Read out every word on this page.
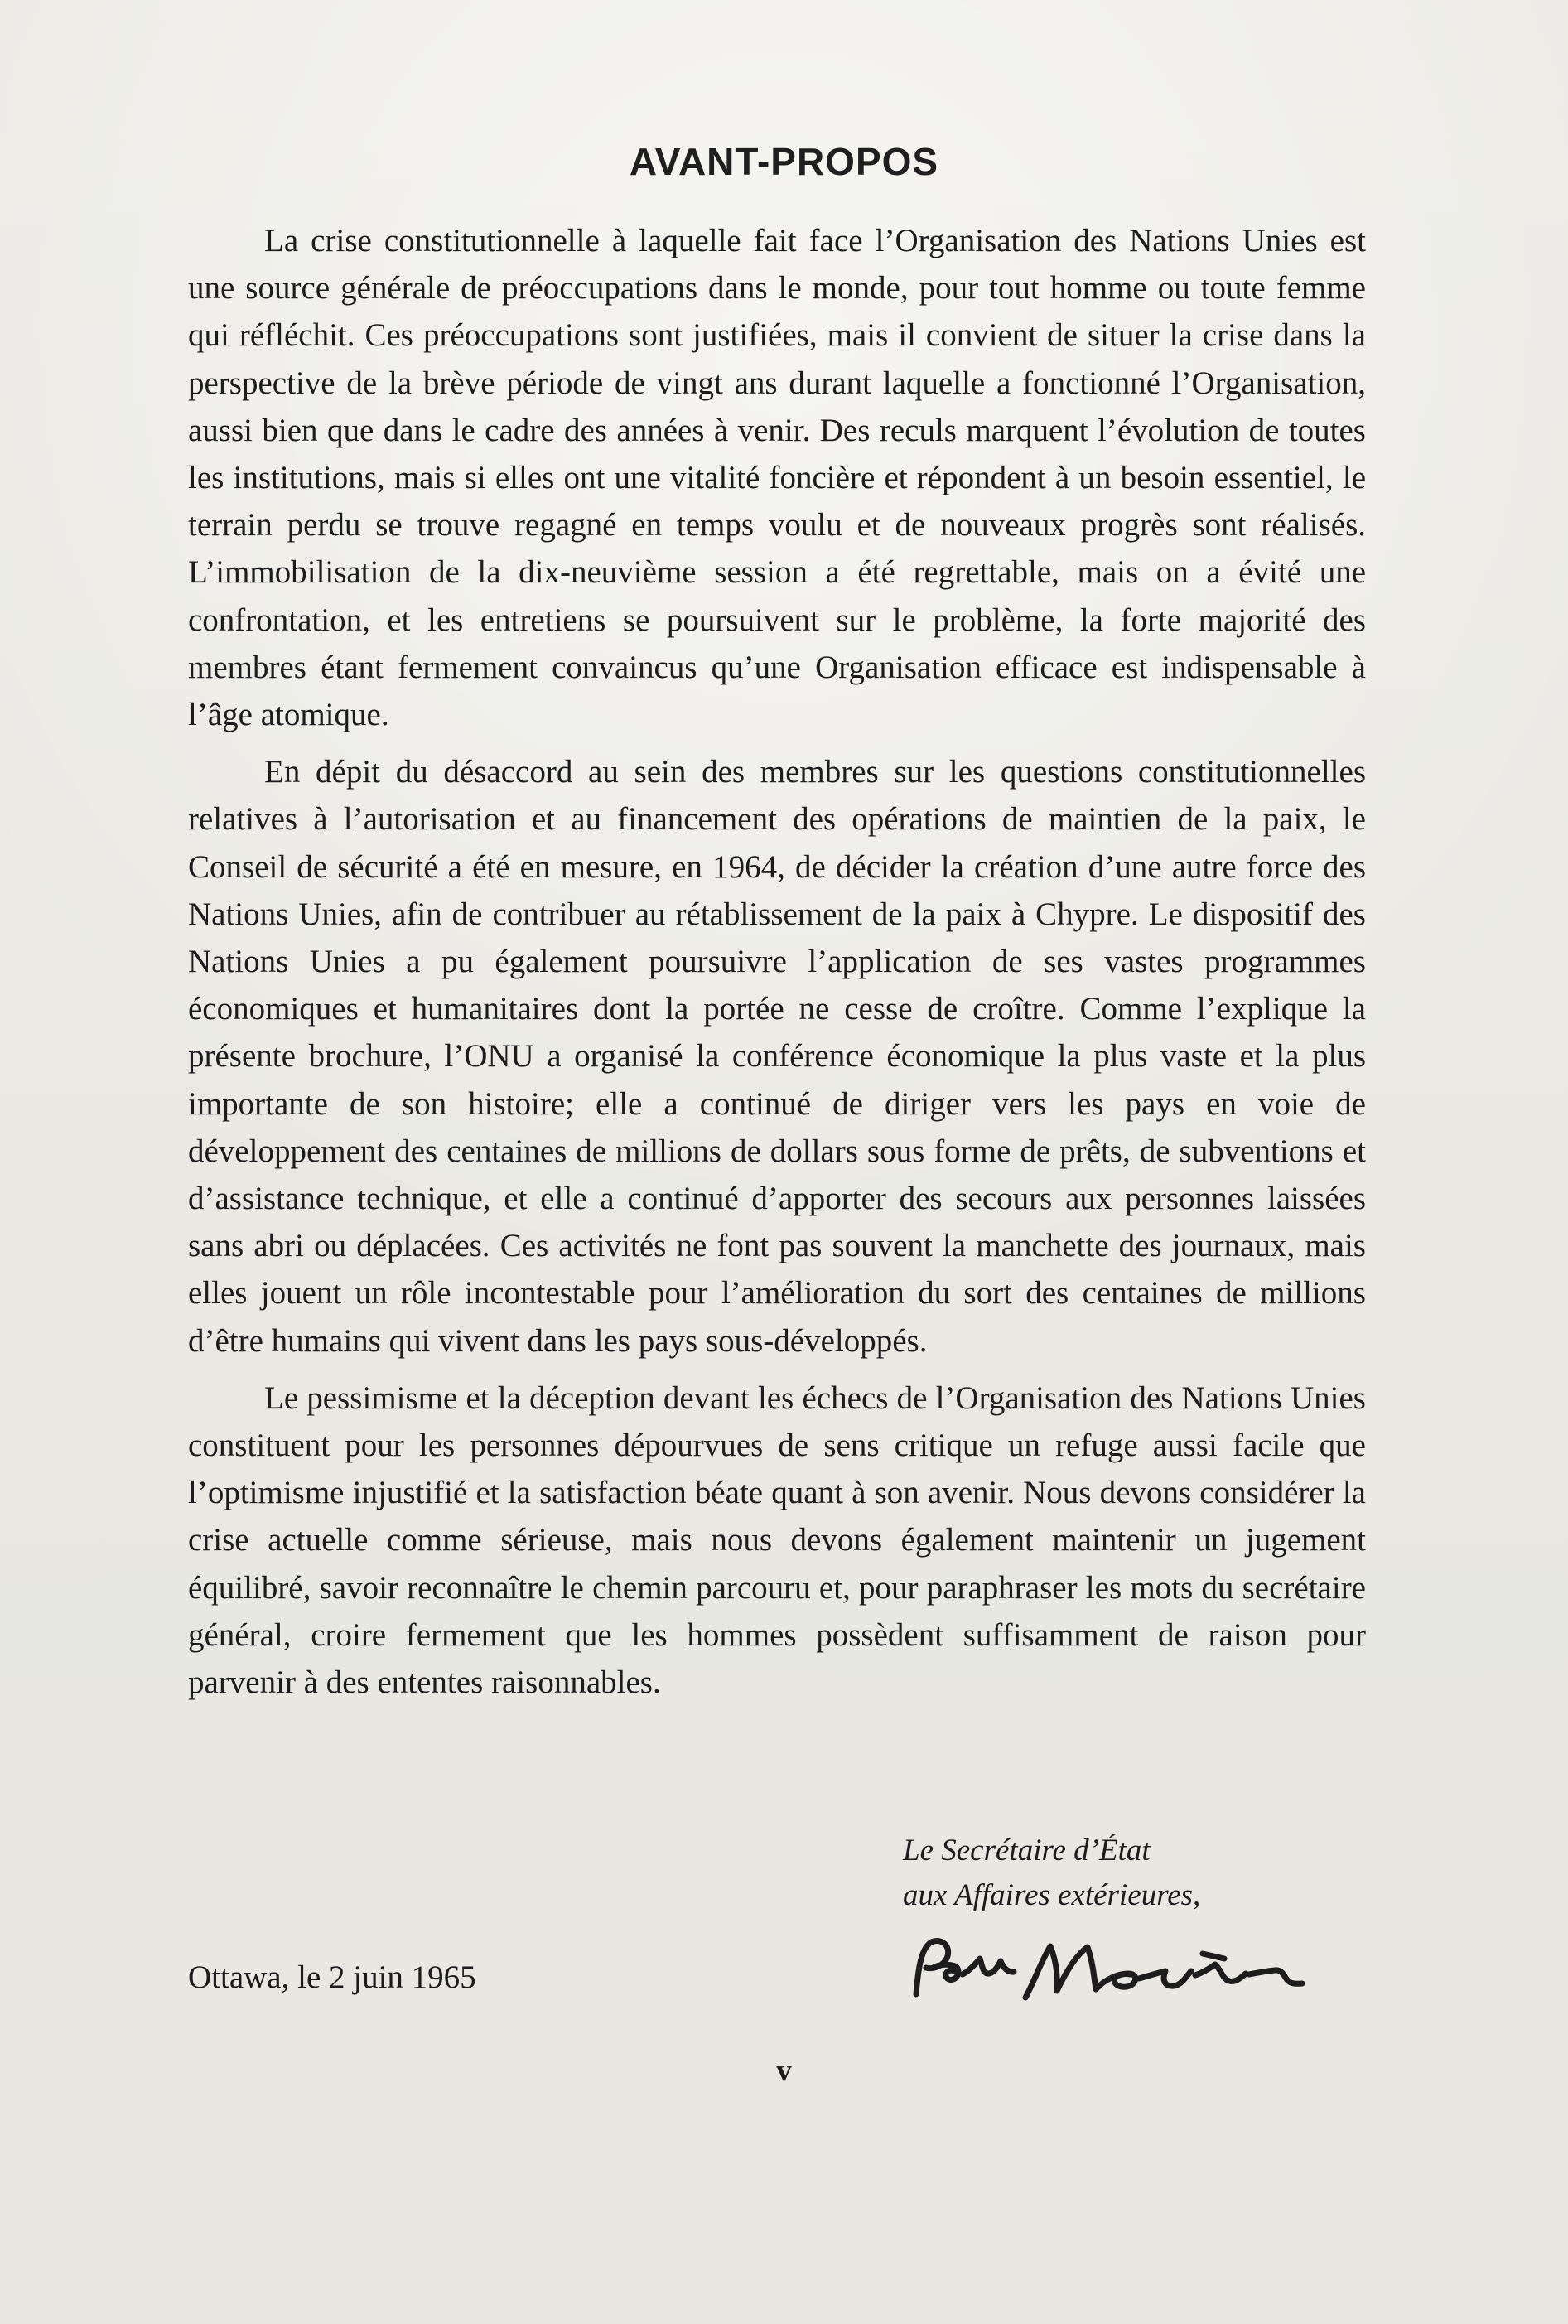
AVANT-PROPOS

La crise constitutionnelle à laquelle fait face l’Organisation des Nations Unies est une source générale de préoccupations dans le monde, pour tout homme ou toute femme qui réfléchit. Ces préoccupations sont justifiées, mais il convient de situer la crise dans la perspective de la brève période de vingt ans durant laquelle a fonctionné l’Organisation, aussi bien que dans le cadre des années à venir. Des reculs marquent l’évolution de toutes les institutions, mais si elles ont une vitalité foncière et répondent à un besoin essentiel, le terrain perdu se trouve regagné en temps voulu et de nouveaux progrès sont réalisés. L’immobilisation de la dix-neuvième session a été regrettable, mais on a évité une confrontation, et les entretiens se poursuivent sur le problème, la forte majorité des membres étant fermement convaincus qu’une Organisation efficace est indispensable à l’âge atomique.

En dépit du désaccord au sein des membres sur les questions constitutionnelles relatives à l’autorisation et au financement des opérations de maintien de la paix, le Conseil de sécurité a été en mesure, en 1964, de décider la création d’une autre force des Nations Unies, afin de contribuer au rétablissement de la paix à Chypre. Le dispositif des Nations Unies a pu également poursuivre l’application de ses vastes programmes économiques et humanitaires dont la portée ne cesse de croître. Comme l’explique la présente brochure, l’ONU a organisé la conférence économique la plus vaste et la plus importante de son histoire; elle a continué de diriger vers les pays en voie de développement des centaines de millions de dollars sous forme de prêts, de subventions et d’assistance technique, et elle a continué d’apporter des secours aux personnes laissées sans abri ou déplacées. Ces activités ne font pas souvent la manchette des journaux, mais elles jouent un rôle incontestable pour l’amélioration du sort des centaines de millions d’être humains qui vivent dans les pays sous-développés.

Le pessimisme et la déception devant les échecs de l’Organisation des Nations Unies constituent pour les personnes dépourvues de sens critique un refuge aussi facile que l’optimisme injustifié et la satisfaction béate quant à son avenir. Nous devons considérer la crise actuelle comme sérieuse, mais nous devons également maintenir un jugement équilibré, savoir reconnaître le chemin parcouru et, pour paraphraser les mots du secrétaire général, croire fermement que les hommes possèdent suffisamment de raison pour parvenir à des ententes raisonnables.

Le Secrétaire d’État

aux Affaires extérieures,
Ottawa, le 2 juin 1965
v
